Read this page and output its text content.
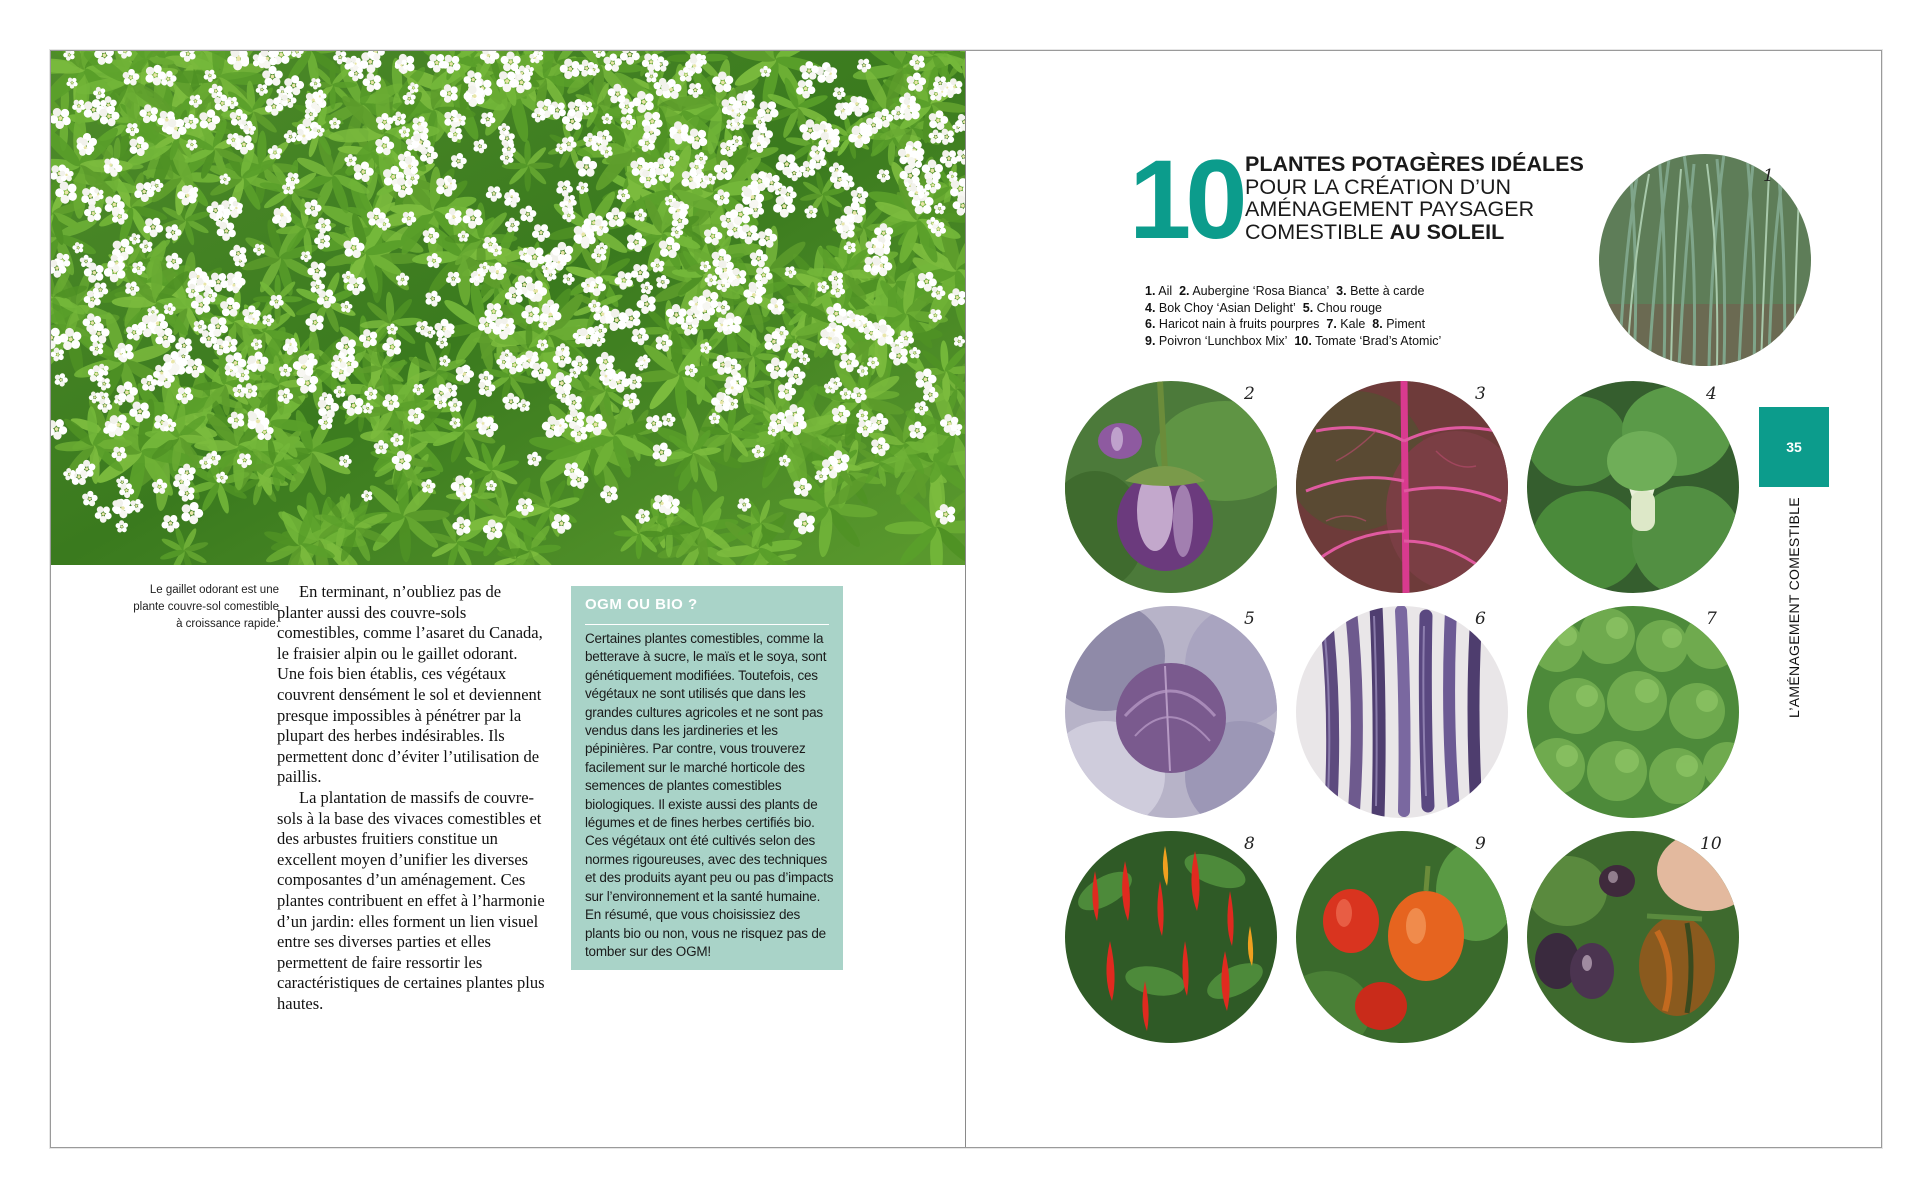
Le gaillet odorant est une plante couvre-sol comestible à croissance rapide.

En terminant, n’oubliez pas de planter aussi des couvre-sols comestibles, comme l’asaret du Canada, le fraisier alpin ou le gaillet odorant. Une fois bien établis, ces végétaux couvrent densément le sol et deviennent presque impossibles à pénétrer par la plupart des herbes indésirables. Ils permettent donc d’éviter l’utilisation de paillis.

La plantation de massifs de couvre-sols à la base des vivaces comestibles et des arbustes fruitiers constitue un excellent moyen d’unifier les diverses composantes d’un aménagement. Ces plantes contribuent en effet à l’harmonie d’un jardin: elles forment un lien visuel entre ses diverses parties et elles permettent de faire ressortir les caractéristiques de certaines plantes plus hautes.

OGM OU BIO ?
Certaines plantes comestibles, comme la betterave à sucre, le maïs et le soya, sont génétiquement modifiées. Toutefois, ces végétaux ne sont utilisés que dans les grandes cultures agricoles et ne sont pas vendus dans les jardineries et les pépinières. Par contre, vous trouverez facilement sur le marché horticole des semences de plantes comestibles biologiques. Il existe aussi des plants de légumes et de fines herbes certifiés bio. Ces végétaux ont été cultivés selon des normes rigoureuses, avec des techniques et des produits ayant peu ou pas d’impacts sur l’environnement et la santé humaine. En résumé, que vous choisissiez des plants bio ou non, vous ne risquez pas de tomber sur des OGM!
10 PLANTES POTAGÈRES IDÉALES
POUR LA CRÉATION D’UN
AMÉNAGEMENT PAYSAGER
COMESTIBLE AU SOLEIL
1. Ail 2. Aubergine ‘Rosa Bianca’ 3. Bette à carde
4. Bok Choy ‘Asian Delight’ 5. Chou rouge
6. Haricot nain à fruits pourpres 7. Kale 8. Piment
9. Poivron ‘Lunchbox Mix’ 10. Tomate ‘Brad’s Atomic’
1
2	3	4
5	6	7
8	9	10
35
L’AMÉNAGEMENT COMESTIBLE
